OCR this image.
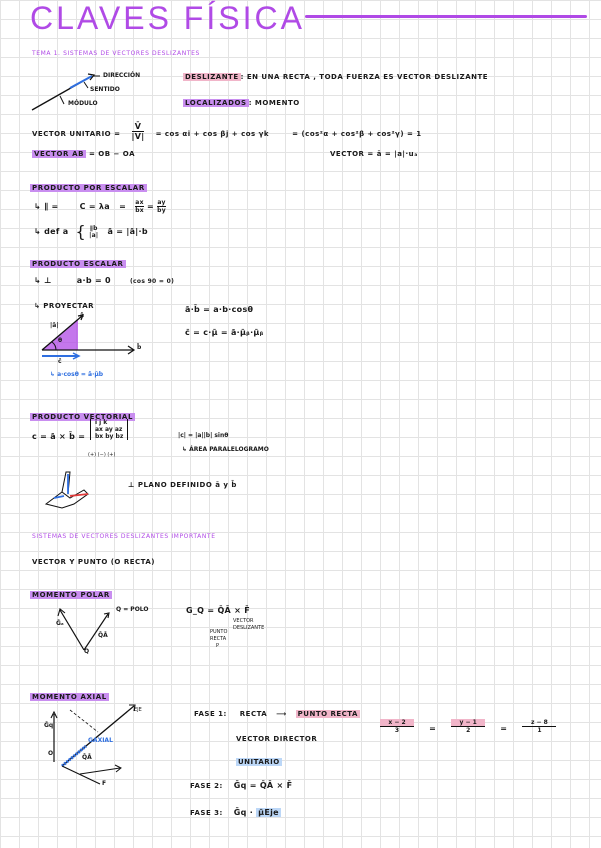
CLAVES FÍSICA
TEMA 1. SISTEMAS DE VECTORES DESLIZANTES
DIRECCIÓN
SENTIDO
MÓDULO
DESLIZANTE : EN UNA RECTA , TODA FUERZA ES VECTOR DESLIZANTE
LOCALIZADOS : MOMENTO
VECTOR UNITARIO = $\frac{V̄}{|V|} = \cos \alpha i + \cos \beta j + \cos \gamma k$	= (cos²α + cos²β + cos²γ) = 1
VECTOR AB = OB − OA	VECTOR = ā = |a|·uₐ
PRODUCTO POR ESCALAR
↳ ∥ =	$C = \lambda a = \frac{ax}{bx} = \frac{ay}{by}$
↳ def a { ∥b
|a| ā = |ā|·b
PRODUCTO ESCALAR
↳ ⊥	a·b = 0	(cos 90 = 0)
↳ PROYECTAR	ā·b̄ = a·b·cosθ
c̄ = c·μ̄ = ā·μ̄ᵦ·μ̄ᵦ
ā
|ā|
θ
b̄
c̄
↳ a·cosθ = ā·μ̄b
PRODUCTO VECTORIAL
c = ā × b̄ =
i j k
ax ay az
bx by bz
(+) (−) (+)
|c| = |a||b| sinθ
↳ ÁREA PARALELOGRAMO
⊥ PLANO DEFINIDO ā y b̄
SISTEMAS DE VECTORES DESLIZANTES IMPORTANTE
VECTOR Y PUNTO (O RECTA)
MOMENTO POLAR
Ḡₐ
Q̄Ā
Q
Q = POLO	G_Q = Q̄Ā × F̄
VECTOR
DESLIZANTE
PUNTO
RECTA
P
MOMENTO AXIAL
EJE
GAXIAL
Ḡq
O
Q̄Ā
F
FASE 1: RECTA ⟶ PUNTO RECTA
VECTOR DIRECTOR
UNITARIO
FASE 2: Ḡq = Q̄Ā × F̄
FASE 3: Ḡq · μ̄Eje
$\frac{x - 2}{3}$ =	$\frac{y - 1}{2}$ =	$\frac{z - 8}{1}$
